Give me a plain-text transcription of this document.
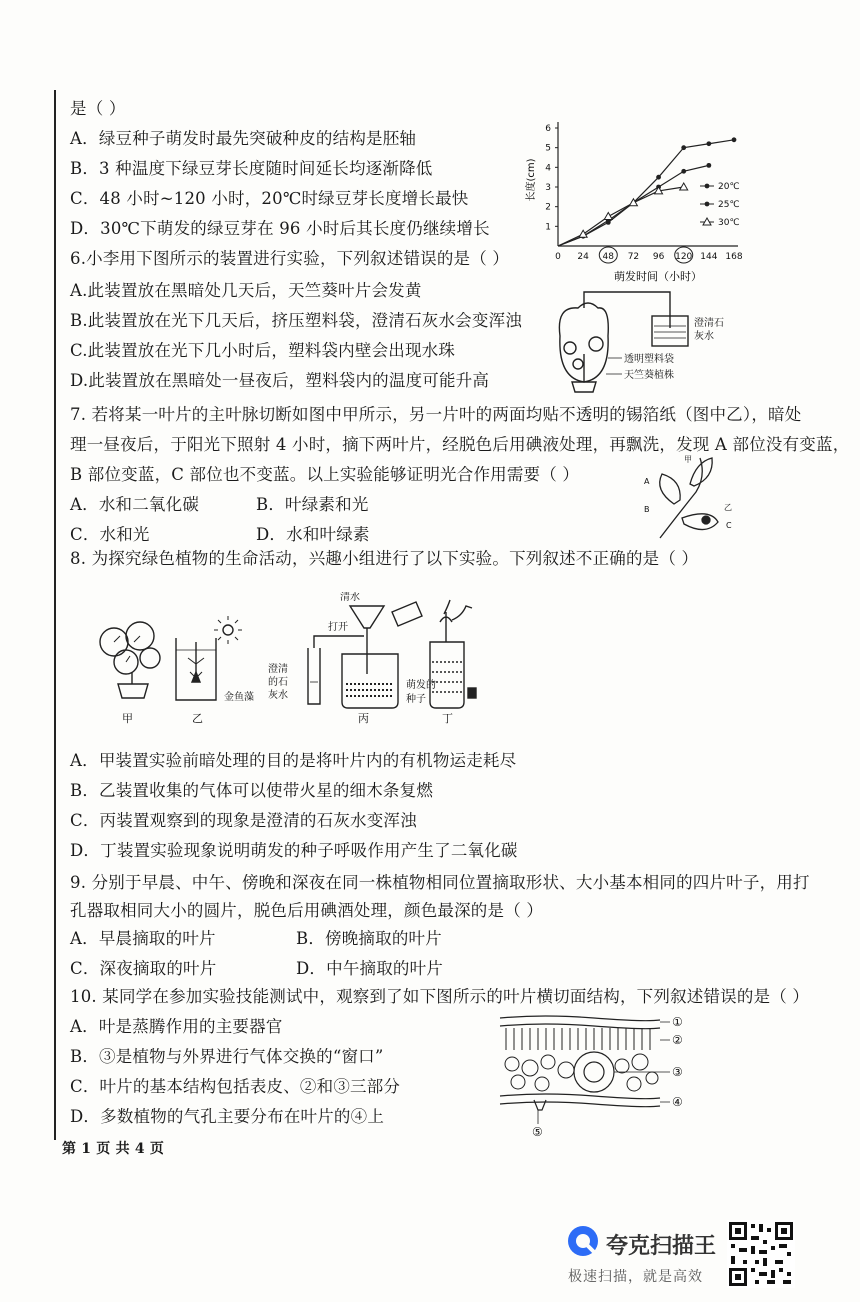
是（ ）
A．绿豆种子萌发时最先突破种皮的结构是胚轴
B．3 种温度下绿豆芽长度随时间延长均逐渐降低
C．48 小时~120 小时，20℃时绿豆芽长度增长最快
D．30℃下萌发的绿豆芽在 96 小时后其长度仍继续增长
0 24 48 72 96 120 144 168
1
2
3
4
5
6
20℃
25℃
30℃
长度(cm)
萌发时间（小时）
6.小李用下图所示的装置进行实验，下列叙述错误的是（ ）
A.此装置放在黑暗处几天后，天竺葵叶片会发黄
B.此装置放在光下几天后，挤压塑料袋，澄清石灰水会变浑浊
C.此装置放在光下几小时后，塑料袋内壁会出现水珠
D.此装置放在黑暗处一昼夜后，塑料袋内的温度可能升高
澄清石
灰水
透明塑料袋
天竺葵植株
7. 若将某一叶片的主叶脉切断如图中甲所示，另一片叶的两面均贴不透明的锡箔纸（图中乙），暗处
理一昼夜后，于阳光下照射 4 小时，摘下两叶片，经脱色后用碘液处理，再飘洗，发现 A 部位没有变蓝，
B 部位变蓝，C 部位也不变蓝。以上实验能够证明光合作用需要（ ）
A．水和二氧化碳	B．叶绿素和光
C．水和光	D．水和叶绿素
甲
A
B	乙
C
8. 为探究绿色植物的生命活动，兴趣小组进行了以下实验。下列叙述不正确的是（ ）
甲
金鱼藻
乙
打开
清水
澄清
的石
灰水
丙
萌发的
种子
丁
A．甲装置实验前暗处理的目的是将叶片内的有机物运走耗尽
B．乙装置收集的气体可以使带火星的细木条复燃
C．丙装置观察到的现象是澄清的石灰水变浑浊
D．丁装置实验现象说明萌发的种子呼吸作用产生了二氧化碳
9. 分别于早晨、中午、傍晚和深夜在同一株植物相同位置摘取形状、大小基本相同的四片叶子，用打
孔器取相同大小的圆片，脱色后用碘酒处理，颜色最深的是（ ）
A．早晨摘取的叶片	B．傍晚摘取的叶片
C．深夜摘取的叶片	D．中午摘取的叶片
10. 某同学在参加实验技能测试中，观察到了如下图所示的叶片横切面结构，下列叙述错误的是（ ）
A．叶是蒸腾作用的主要器官
B．③是植物与外界进行气体交换的“窗口”
C．叶片的基本结构包括表皮、②和③三部分
D．多数植物的气孔主要分布在叶片的④上
①
②
③
④
⑤
第 1 页 共 4 页
夸克扫描王
极速扫描，就是高效
